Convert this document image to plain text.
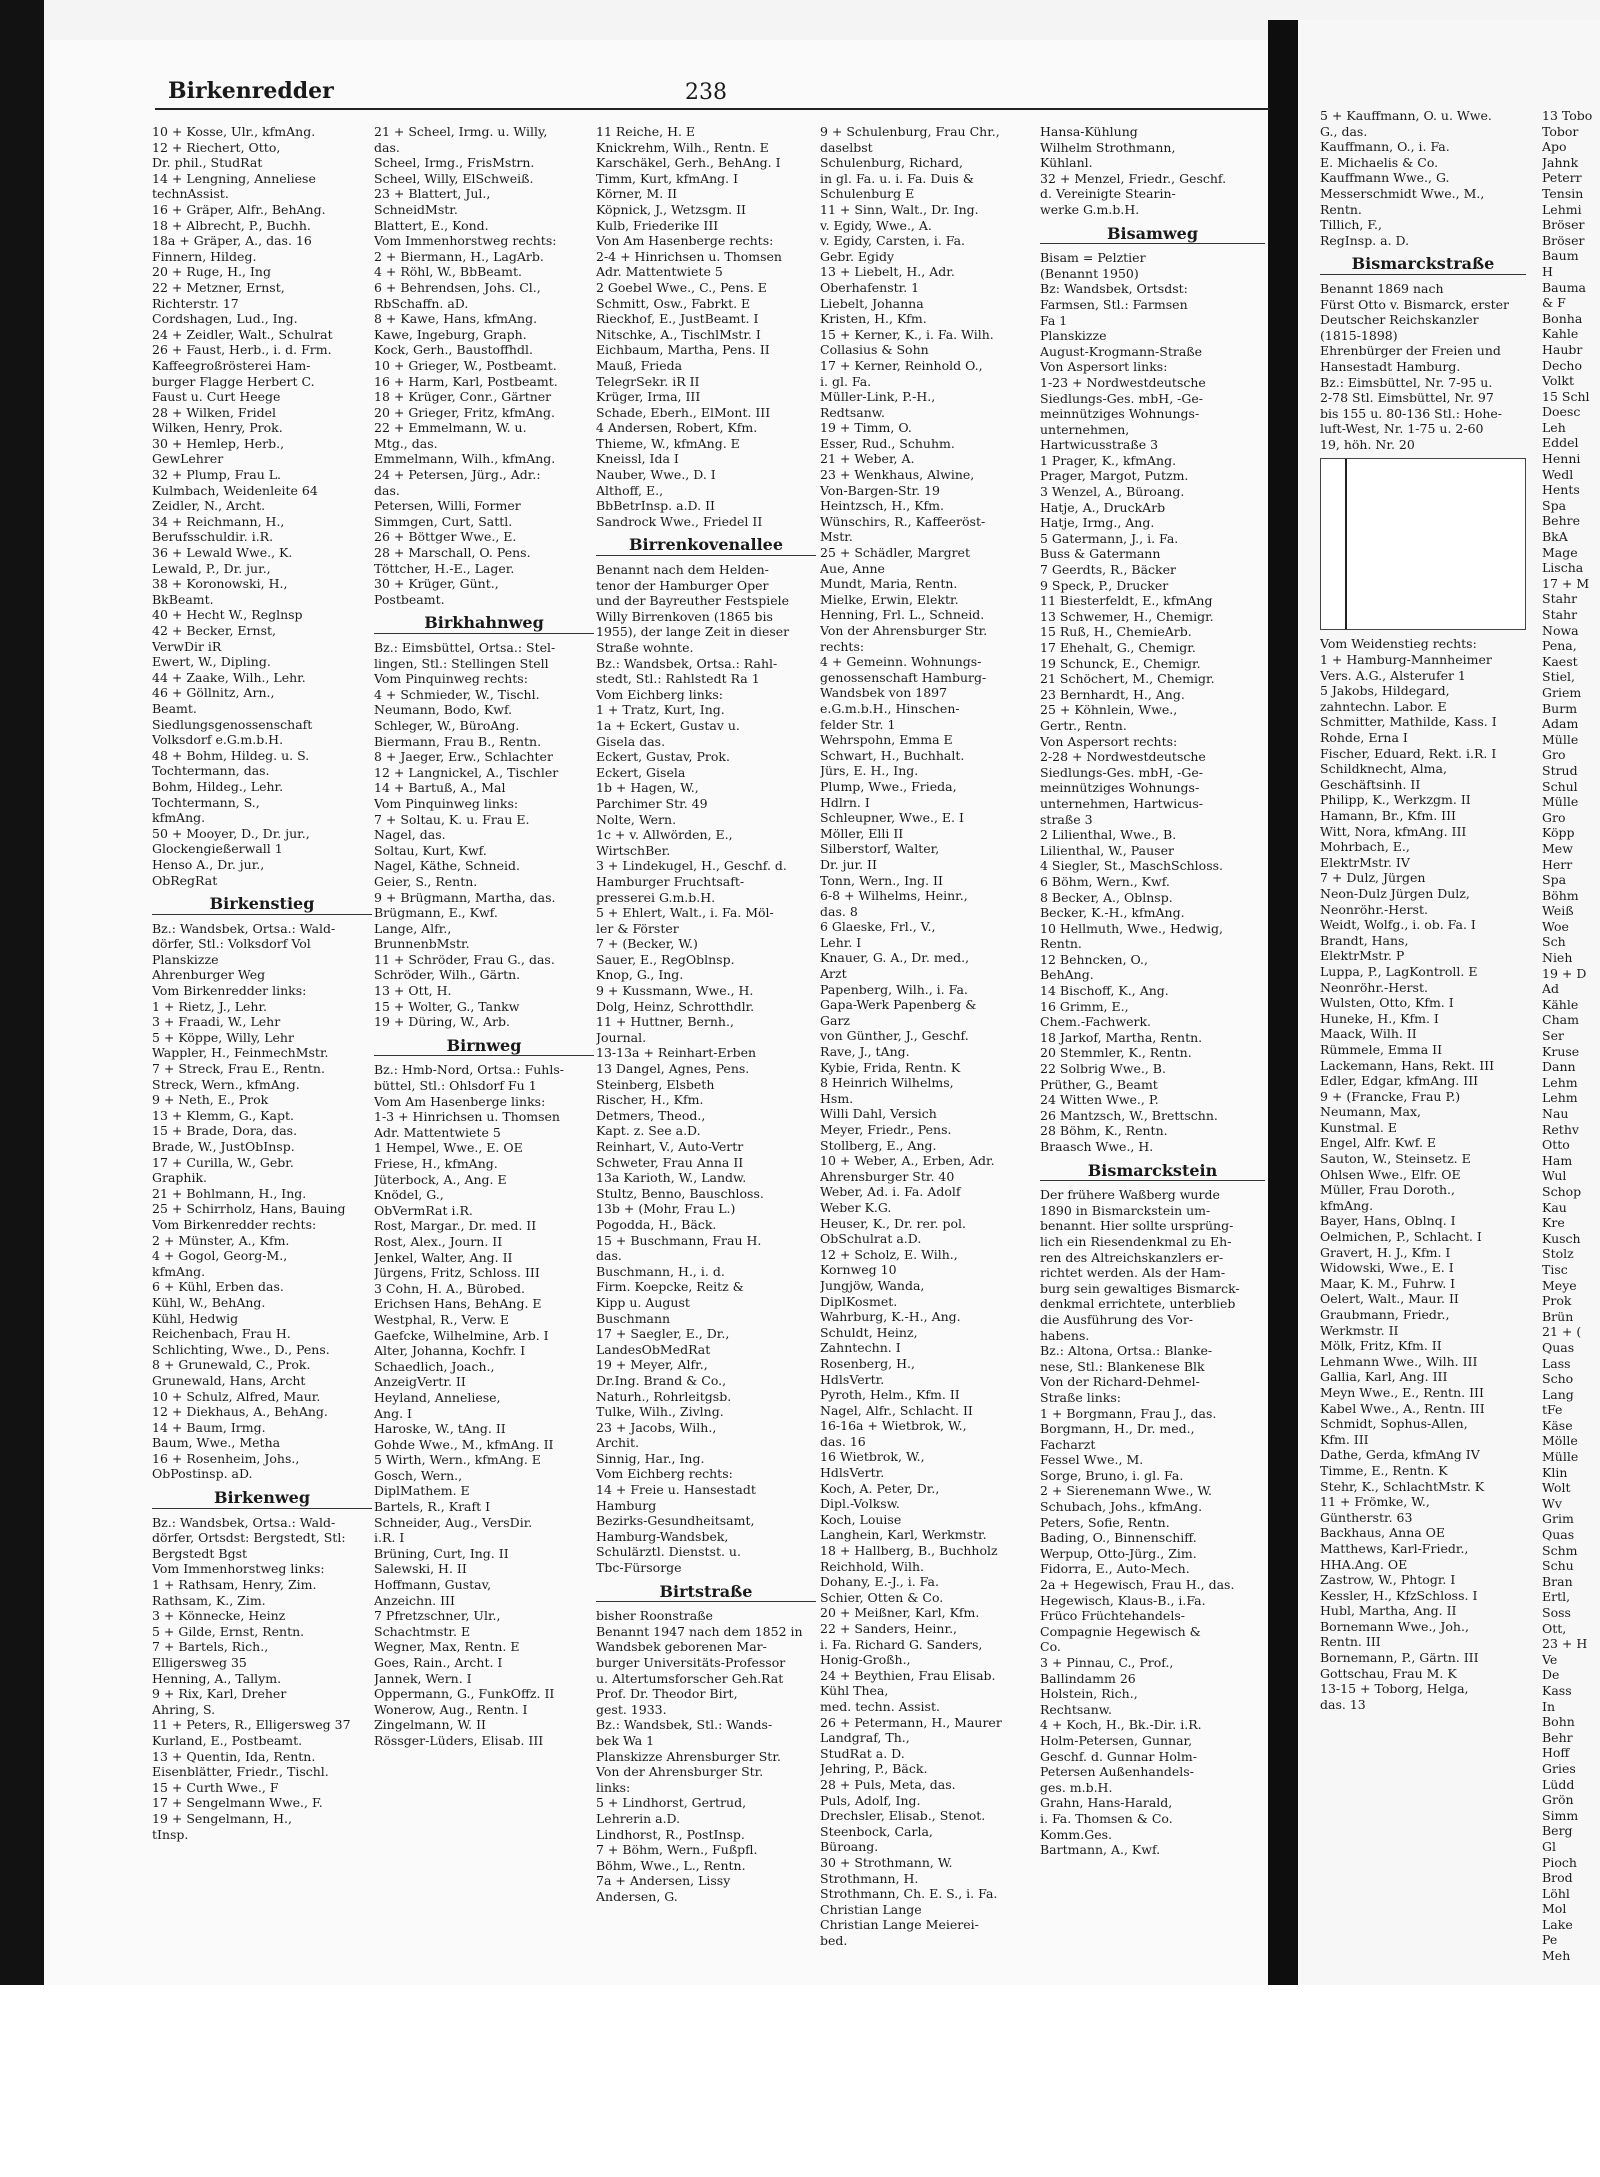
Birkenredder	238
10 + Kosse, Ulr., kfmAng.
12 + Riechert, Otto,
Dr. phil., StudRat
14 + Lengning, Anneliese
technAssist.
16 + Gräper, Alfr., BehAng.
18 + Albrecht, P., Buchh.
18a + Gräper, A., das. 16
Finnern, Hildeg.
20 + Ruge, H., Ing
22 + Metzner, Ernst,
Richterstr. 17
Cordshagen, Lud., Ing.
24 + Zeidler, Walt., Schulrat
26 + Faust, Herb., i. d. Frm.
Kaffeegroßrösterei Ham-
burger Flagge Herbert C.
Faust u. Curt Heege
28 + Wilken, Fridel
Wilken, Henry, Prok.
30 + Hemlep, Herb.,
GewLehrer
32 + Plump, Frau L.
Kulmbach, Weidenleite 64
Zeidler, N., Archt.
34 + Reichmann, H.,
Berufsschuldir. i.R.
36 + Lewald Wwe., K.
Lewald, P., Dr. jur.,
38 + Koronowski, H.,
BkBeamt.
40 + Hecht W., Reglnsp
42 + Becker, Ernst,
VerwDir iR
Ewert, W., Dipling.
44 + Zaake, Wilh., Lehr.
46 + Göllnitz, Arn.,
Beamt.
Siedlungsgenossenschaft
Volksdorf e.G.m.b.H.
48 + Bohm, Hildeg. u. S.
Tochtermann, das.
Bohm, Hildeg., Lehr.
Tochtermann, S.,
kfmAng.
50 + Mooyer, D., Dr. jur.,
Glockengießerwall 1
Henso A., Dr. jur.,
ObRegRat
Birkenstieg
Bz.: Wandsbek, Ortsa.: Wald-
dörfer, Stl.: Volksdorf Vol
Planskizze
Ahrenburger Weg
Vom Birkenredder links:
1 + Rietz, J., Lehr.
3 + Fraadi, W., Lehr
5 + Köppe, Willy, Lehr
Wappler, H., FeinmechMstr.
7 + Streck, Frau E., Rentn.
Streck, Wern., kfmAng.
9 + Neth, E., Prok
13 + Klemm, G., Kapt.
15 + Brade, Dora, das.
Brade, W., JustObInsp.
17 + Curilla, W., Gebr.
Graphik.
21 + Bohlmann, H., Ing.
25 + Schirrholz, Hans, Bauing
Vom Birkenredder rechts:
2 + Münster, A., Kfm.
4 + Gogol, Georg-M.,
kfmAng.
6 + Kühl, Erben das.
Kühl, W., BehAng.
Kühl, Hedwig
Reichenbach, Frau H.
Schlichting, Wwe., D., Pens.
8 + Grunewald, C., Prok.
Grunewald, Hans, Archt
10 + Schulz, Alfred, Maur.
12 + Diekhaus, A., BehAng.
14 + Baum, Irmg.
Baum, Wwe., Metha
16 + Rosenheim, Johs.,
ObPostinsp. aD.
Birkenweg
Bz.: Wandsbek, Ortsa.: Wald-
dörfer, Ortsdst: Bergstedt, Stl:
Bergstedt Bgst
Vom Immenhorstweg links:
1 + Rathsam, Henry, Zim.
Rathsam, K., Zim.
3 + Könnecke, Heinz
5 + Gilde, Ernst, Rentn.
7 + Bartels, Rich.,
Elligersweg 35
Henning, A., Tallym.
9 + Rix, Karl, Dreher
Ahring, S.
11 + Peters, R., Elligersweg 37
Kurland, E., Postbeamt.
13 + Quentin, Ida, Rentn.
Eisenblätter, Friedr., Tischl.
15 + Curth Wwe., F
17 + Sengelmann Wwe., F.
19 + Sengelmann, H.,
tInsp.
21 + Scheel, Irmg. u. Willy,
das.
Scheel, Irmg., FrisMstrn.
Scheel, Willy, ElSchweiß.
23 + Blattert, Jul.,
SchneidMstr.
Blattert, E., Kond.
Vom Immenhorstweg rechts:
2 + Biermann, H., LagArb.
4 + Röhl, W., BbBeamt.
6 + Behrendsen, Johs. Cl.,
RbSchaffn. aD.
8 + Kawe, Hans, kfmAng.
Kawe, Ingeburg, Graph.
Kock, Gerh., Baustoffhdl.
10 + Grieger, W., Postbeamt.
16 + Harm, Karl, Postbeamt.
18 + Krüger, Conr., Gärtner
20 + Grieger, Fritz, kfmAng.
22 + Emmelmann, W. u.
Mtg., das.
Emmelmann, Wilh., kfmAng.
24 + Petersen, Jürg., Adr.:
das.
Petersen, Willi, Former
Simmgen, Curt, Sattl.
26 + Böttger Wwe., E.
28 + Marschall, O. Pens.
Töttcher, H.-E., Lager.
30 + Krüger, Günt.,
Postbeamt.
Birkhahnweg
Bz.: Eimsbüttel, Ortsa.: Stel-
lingen, Stl.: Stellingen Stell
Vom Pinquinweg rechts:
4 + Schmieder, W., Tischl.
Neumann, Bodo, Kwf.
Schleger, W., BüroAng.
Biermann, Frau B., Rentn.
8 + Jaeger, Erw., Schlachter
12 + Langnickel, A., Tischler
14 + Bartuß, A., Mal
Vom Pinquinweg links:
7 + Soltau, K. u. Frau E.
Nagel, das.
Soltau, Kurt, Kwf.
Nagel, Käthe, Schneid.
Geier, S., Rentn.
9 + Brügmann, Martha, das.
Brügmann, E., Kwf.
Lange, Alfr.,
BrunnenbMstr.
11 + Schröder, Frau G., das.
Schröder, Wilh., Gärtn.
13 + Ott, H.
15 + Wolter, G., Tankw
19 + Düring, W., Arb.
Birnweg
Bz.: Hmb-Nord, Ortsa.: Fuhls-
büttel, Stl.: Ohlsdorf Fu 1
Vom Am Hasenberge links:
1-3 + Hinrichsen u. Thomsen
Adr. Mattentwiete 5
1 Hempel, Wwe., E. OE
Friese, H., kfmAng.
Jüterbock, A., Ang. E
Knödel, G.,
ObVermRat i.R.
Rost, Margar., Dr. med. II
Rost, Alex., Journ. II
Jenkel, Walter, Ang. II
Jürgens, Fritz, Schloss. III
3 Cohn, H. A., Bürobed.
Erichsen Hans, BehAng. E
Westphal, R., Verw. E
Gaefcke, Wilhelmine, Arb. I
Alter, Johanna, Kochfr. I
Schaedlich, Joach.,
AnzeigVertr. II
Heyland, Anneliese,
Ang. I
Haroske, W., tAng. II
Gohde Wwe., M., kfmAng. II
5 Wirth, Wern., kfmAng. E
Gosch, Wern.,
DiplMathem. E
Bartels, R., Kraft I
Schneider, Aug., VersDir.
i.R. I
Brüning, Curt, Ing. II
Salewski, H. II
Hoffmann, Gustav,
Anzeichn. III
7 Pfretzschner, Ulr.,
Schachtmstr. E
Wegner, Max, Rentn. E
Goes, Rain., Archt. I
Jannek, Wern. I
Oppermann, G., FunkOffz. II
Wonerow, Aug., Rentn. I
Zingelmann, W. II
Rössger-Lüders, Elisab. III
11 Reiche, H. E
Knickrehm, Wilh., Rentn. E
Karschäkel, Gerh., BehAng. I
Timm, Kurt, kfmAng. I
Körner, M. II
Köpnick, J., Wetzsgm. II
Kulb, Friederike III
Von Am Hasenberge rechts:
2-4 + Hinrichsen u. Thomsen
Adr. Mattentwiete 5
2 Goebel Wwe., C., Pens. E
Schmitt, Osw., Fabrkt. E
Rieckhof, E., JustBeamt. I
Nitschke, A., TischlMstr. I
Eichbaum, Martha, Pens. II
Mauß, Frieda
TelegrSekr. iR II
Krüger, Irma, III
Schade, Eberh., ElMont. III
4 Andersen, Robert, Kfm.
Thieme, W., kfmAng. E
Kneissl, Ida I
Nauber, Wwe., D. I
Althoff, E.,
BbBetrInsp. a.D. II
Sandrock Wwe., Friedel II
Birrenkovenallee
Benannt nach dem Helden-
tenor der Hamburger Oper
und der Bayreuther Festspiele
Willy Birrenkoven (1865 bis
1955), der lange Zeit in dieser
Straße wohnte.
Bz.: Wandsbek, Ortsa.: Rahl-
stedt, Stl.: Rahlstedt Ra 1
Vom Eichberg links:
1 + Tratz, Kurt, Ing.
1a + Eckert, Gustav u.
Gisela das.
Eckert, Gustav, Prok.
Eckert, Gisela
1b + Hagen, W.,
Parchimer Str. 49
Nolte, Wern.
1c + v. Allwörden, E.,
WirtschBer.
3 + Lindekugel, H., Geschf. d.
Hamburger Fruchtsaft-
presserei G.m.b.H.
5 + Ehlert, Walt., i. Fa. Möl-
ler & Förster
7 + (Becker, W.)
Sauer, E., RegOblnsp.
Knop, G., Ing.
9 + Kussmann, Wwe., H.
Dolg, Heinz, Schrotthdlr.
11 + Huttner, Bernh.,
Journal.
13-13a + Reinhart-Erben
13 Dangel, Agnes, Pens.
Steinberg, Elsbeth
Rischer, H., Kfm.
Detmers, Theod.,
Kapt. z. See a.D.
Reinhart, V., Auto-Vertr
Schweter, Frau Anna II
13a Karioth, W., Landw.
Stultz, Benno, Bauschloss.
13b + (Mohr, Frau L.)
Pogodda, H., Bäck.
15 + Buschmann, Frau H.
das.
Buschmann, H., i. d.
Firm. Koepcke, Reitz &
Kipp u. August
Buschmann
17 + Saegler, E., Dr.,
LandesObMedRat
19 + Meyer, Alfr.,
Dr.Ing. Brand & Co.,
Naturh., Rohrleitgsb.
Tulke, Wilh., Zivlng.
23 + Jacobs, Wilh.,
Archit.
Sinnig, Har., Ing.
Vom Eichberg rechts:
14 + Freie u. Hansestadt
Hamburg
Bezirks-Gesundheitsamt,
Hamburg-Wandsbek,
Schulärztl. Dienstst. u.
Tbc-Fürsorge
Birtstraße
bisher Roonstraße
Benannt 1947 nach dem 1852 in
Wandsbek geborenen Mar-
burger Universitäts-Professor
u. Altertumsforscher Geh.Rat
Prof. Dr. Theodor Birt,
gest. 1933.
Bz.: Wandsbek, Stl.: Wands-
bek Wa 1
Planskizze Ahrensburger Str.
Von der Ahrensburger Str.
links:
5 + Lindhorst, Gertrud,
Lehrerin a.D.
Lindhorst, R., PostInsp.
7 + Böhm, Wern., Fußpfl.
Böhm, Wwe., L., Rentn.
7a + Andersen, Lissy
Andersen, G.
9 + Schulenburg, Frau Chr.,
daselbst
Schulenburg, Richard,
in gl. Fa. u. i. Fa. Duis &
Schulenburg E
11 + Sinn, Walt., Dr. Ing.
v. Egidy, Wwe., A.
v. Egidy, Carsten, i. Fa.
Gebr. Egidy
13 + Liebelt, H., Adr.
Oberhafenstr. 1
Liebelt, Johanna
Kristen, H., Kfm.
15 + Kerner, K., i. Fa. Wilh.
Collasius & Sohn
17 + Kerner, Reinhold O.,
i. gl. Fa.
Müller-Link, P.-H.,
Redtsanw.
19 + Timm, O.
Esser, Rud., Schuhm.
21 + Weber, A.
23 + Wenkhaus, Alwine,
Von-Bargen-Str. 19
Heintzsch, H., Kfm.
Wünschirs, R., Kaffeeröst-
Mstr.
25 + Schädler, Margret
Aue, Anne
Mundt, Maria, Rentn.
Mielke, Erwin, Elektr.
Henning, Frl. L., Schneid.
Von der Ahrensburger Str.
rechts:
4 + Gemeinn. Wohnungs-
genossenschaft Hamburg-
Wandsbek von 1897
e.G.m.b.H., Hinschen-
felder Str. 1
Wehrspohn, Emma E
Schwart, H., Buchhalt.
Jürs, E. H., Ing.
Plump, Wwe., Frieda,
Hdlrn. I
Schleupner, Wwe., E. I
Möller, Elli II
Silberstorf, Walter,
Dr. jur. II
Tonn, Wern., Ing. II
6-8 + Wilhelms, Heinr.,
das. 8
6 Glaeske, Frl., V.,
Lehr. I
Knauer, G. A., Dr. med.,
Arzt
Papenberg, Wilh., i. Fa.
Gapa-Werk Papenberg &
Garz
von Günther, J., Geschf.
Rave, J., tAng.
Kybie, Frida, Rentn. K
8 Heinrich Wilhelms,
Hsm.
Willi Dahl, Versich
Meyer, Friedr., Pens.
Stollberg, E., Ang.
10 + Weber, A., Erben, Adr.
Ahrensburger Str. 40
Weber, Ad. i. Fa. Adolf
Weber K.G.
Heuser, K., Dr. rer. pol.
ObSchulrat a.D.
12 + Scholz, E. Wilh.,
Kornweg 10
Jungjöw, Wanda,
DiplKosmet.
Wahrburg, K.-H., Ang.
Schuldt, Heinz,
Zahntechn. I
Rosenberg, H.,
HdlsVertr.
Pyroth, Helm., Kfm. II
Nagel, Alfr., Schlacht. II
16-16a + Wietbrok, W.,
das. 16
16 Wietbrok, W.,
HdlsVertr.
Koch, A. Peter, Dr.,
Dipl.-Volksw.
Koch, Louise
Langhein, Karl, Werkmstr.
18 + Hallberg, B., Buchholz
Reichhold, Wilh.
Dohany, E.-J., i. Fa.
Schier, Otten & Co.
20 + Meißner, Karl, Kfm.
22 + Sanders, Heinr.,
i. Fa. Richard G. Sanders,
Honig-Großh.,
24 + Beythien, Frau Elisab.
Kühl Thea,
med. techn. Assist.
26 + Petermann, H., Maurer
Landgraf, Th.,
StudRat a. D.
Jehring, P., Bäck.
28 + Puls, Meta, das.
Puls, Adolf, Ing.
Drechsler, Elisab., Stenot.
Steenbock, Carla,
Büroang.
30 + Strothmann, W.
Strothmann, H.
Strothmann, Ch. E. S., i. Fa.
Christian Lange
Christian Lange Meierei-
bed.
Hansa-Kühlung
Wilhelm Strothmann,
Kühlanl.
32 + Menzel, Friedr., Geschf.
d. Vereinigte Stearin-
werke G.m.b.H.
Bisamweg
Bisam = Pelztier
(Benannt 1950)
Bz: Wandsbek, Ortsdst:
Farmsen, Stl.: Farmsen
Fa 1
Planskizze
August-Krogmann-Straße
Von Aspersort links:
1-23 + Nordwestdeutsche
Siedlungs-Ges. mbH, -Ge-
meinnütziges Wohnungs-
unternehmen,
Hartwicusstraße 3
1 Prager, K., kfmAng.
Prager, Margot, Putzm.
3 Wenzel, A., Büroang.
Hatje, A., DruckArb
Hatje, Irmg., Ang.
5 Gatermann, J., i. Fa.
Buss & Gatermann
7 Geerdts, R., Bäcker
9 Speck, P., Drucker
11 Biesterfeldt, E., kfmAng
13 Schwemer, H., Chemigr.
15 Ruß, H., ChemieArb.
17 Ehehalt, G., Chemigr.
19 Schunck, E., Chemigr.
21 Schöchert, M., Chemigr.
23 Bernhardt, H., Ang.
25 + Köhnlein, Wwe.,
Gertr., Rentn.
Von Aspersort rechts:
2-28 + Nordwestdeutsche
Siedlungs-Ges. mbH, -Ge-
meinnütziges Wohnungs-
unternehmen, Hartwicus-
straße 3
2 Lilienthal, Wwe., B.
Lilienthal, W., Pauser
4 Siegler, St., MaschSchloss.
6 Böhm, Wern., Kwf.
8 Becker, A., Oblnsp.
Becker, K.-H., kfmAng.
10 Hellmuth, Wwe., Hedwig,
Rentn.
12 Behncken, O.,
BehAng.
14 Bischoff, K., Ang.
16 Grimm, E.,
Chem.-Fachwerk.
18 Jarkof, Martha, Rentn.
20 Stemmler, K., Rentn.
22 Solbrig Wwe., B.
Prüther, G., Beamt
24 Witten Wwe., P.
26 Mantzsch, W., Brettschn.
28 Böhm, K., Rentn.
Braasch Wwe., H.
Bismarckstein
Der frühere Waßberg wurde
1890 in Bismarckstein um-
benannt. Hier sollte ursprüng-
lich ein Riesendenkmal zu Eh-
ren des Altreichskanzlers er-
richtet werden. Als der Ham-
burg sein gewaltiges Bismarck-
denkmal errichtete, unterblieb
die Ausführung des Vor-
habens.
Bz.: Altona, Ortsa.: Blanke-
nese, Stl.: Blankenese Blk
Von der Richard-Dehmel-
Straße links:
1 + Borgmann, Frau J., das.
Borgmann, H., Dr. med.,
Facharzt
Fessel Wwe., M.
Sorge, Bruno, i. gl. Fa.
2 + Sierenemann Wwe., W.
Schubach, Johs., kfmAng.
Peters, Sofie, Rentn.
Bading, O., Binnenschiff.
Werpup, Otto-Jürg., Zim.
Fidorra, E., Auto-Mech.
2a + Hegewisch, Frau H., das.
Hegewisch, Klaus-B., i.Fa.
Früco Früchtehandels-
Compagnie Hegewisch &
Co.
3 + Pinnau, C., Prof.,
Ballindamm 26
Holstein, Rich.,
Rechtsanw.
4 + Koch, H., Bk.-Dir. i.R.
Holm-Petersen, Gunnar,
Geschf. d. Gunnar Holm-
Petersen Außenhandels-
ges. m.b.H.
Grahn, Hans-Harald,
i. Fa. Thomsen & Co.
Komm.Ges.
Bartmann, A., Kwf.
5 + Kauffmann, O. u. Wwe.
G., das.
Kauffmann, O., i. Fa.
E. Michaelis & Co.
Kauffmann Wwe., G.
Messerschmidt Wwe., M.,
Rentn.
Tillich, F.,
RegInsp. a. D.
Bismarckstraße
Benannt 1869 nach
Fürst Otto v. Bismarck, erster
Deutscher Reichskanzler
(1815-1898)
Ehrenbürger der Freien und
Hansestadt Hamburg.
Bz.: Eimsbüttel, Nr. 7-95 u.
2-78 Stl. Eimsbüttel, Nr. 97
bis 155 u. 80-136 Stl.: Hohe-
luft-West, Nr. 1-75 u. 2-60
19, höh. Nr. 20
Vom Weidenstieg rechts:
1 + Hamburg-Mannheimer
Vers. A.G., Alsterufer 1
5 Jakobs, Hildegard,
zahntechn. Labor. E
Schmitter, Mathilde, Kass. I
Rohde, Erna I
Fischer, Eduard, Rekt. i.R. I
Schildknecht, Alma,
Geschäftsinh. II
Philipp, K., Werkzgm. II
Hamann, Br., Kfm. III
Witt, Nora, kfmAng. III
Mohrbach, E.,
ElektrMstr. IV
7 + Dulz, Jürgen
Neon-Dulz Jürgen Dulz,
Neonröhr.-Herst.
Weidt, Wolfg., i. ob. Fa. I
Brandt, Hans,
ElektrMstr. P
Luppa, P., LagKontroll. E
Neonröhr.-Herst.
Wulsten, Otto, Kfm. I
Huneke, H., Kfm. I
Maack, Wilh. II
Rümmele, Emma II
Lackemann, Hans, Rekt. III
Edler, Edgar, kfmAng. III
9 + (Francke, Frau P.)
Neumann, Max,
Kunstmal. E
Engel, Alfr. Kwf. E
Sauton, W., Steinsetz. E
Ohlsen Wwe., Elfr. OE
Müller, Frau Doroth.,
kfmAng.
Bayer, Hans, Oblnq. I
Oelmichen, P., Schlacht. I
Gravert, H. J., Kfm. I
Widowski, Wwe., E. I
Maar, K. M., Fuhrw. I
Oelert, Walt., Maur. II
Graubmann, Friedr.,
Werkmstr. II
Mölk, Fritz, Kfm. II
Lehmann Wwe., Wilh. III
Gallia, Karl, Ang. III
Meyn Wwe., E., Rentn. III
Kabel Wwe., A., Rentn. III
Schmidt, Sophus-Allen,
Kfm. III
Dathe, Gerda, kfmAng IV
Timme, E., Rentn. K
Stehr, K., SchlachtMstr. K
11 + Frömke, W.,
Güntherstr. 63
Backhaus, Anna OE
Matthews, Karl-Friedr.,
HHA.Ang. OE
Zastrow, W., Phtogr. I
Kessler, H., KfzSchloss. I
Hubl, Martha, Ang. II
Bornemann Wwe., Joh.,
Rentn. III
Bornemann, P., Gärtn. III
Gottschau, Frau M. K
13-15 + Toborg, Helga,
das. 13
13 Tobo
Tobor
Apo
Jahnk
Peterr
Tensin
Lehmi
Bröser
Bröser
Baum
H
Bauma
& F
Bonha
Kahle
Haubr
Decho
Volkt
15 Schl
Doesc
Leh
Eddel
Henni
Wedl
Hents
Spa
Behre
BkA
Mage
Lischa
17 + M
Stahr
Stahr
Nowa
Pena,
Kaest
Stiel,
Griem
Burm
Adam
Mülle
Gro
Strud
Schul
Mülle
Gro
Köpp
Mew
Herr
Spa
Böhm
Weiß
Woe
Sch
Nieh
19 + D
Ad
Kähle
Cham
Ser
Kruse
Dann
Lehm
Lehm
Nau
Rethv
Otto
Ham
Wul
Schop
Kau
Kre
Kusch
Stolz
Tisc
Meye
Prok
Brün
21 + (
Quas
Lass
Scho
Lang
tFe
Käse
Mölle
Mülle
Klin
Wolt
Wv
Grim
Quas
Schm
Schu
Bran
Ertl,
Soss
Ott,
23 + H
Ve
De
Kass
In
Bohn
Behr
Hoff
Gries
Lüdd
Grön
Simm
Berg
Gl
Pioch
Brod
Löhl
Mol
Lake
Pe
Meh
